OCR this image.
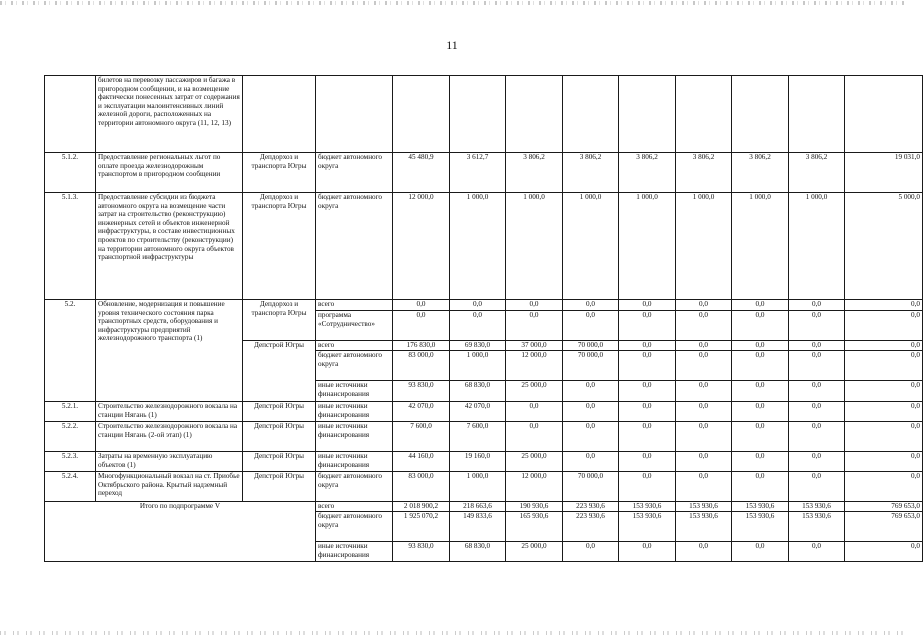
11
	билетов на перевозку пассажиров и багажа в пригородном сообщении, и на возмещение фактически понесенных затрат от содержания и эксплуатации малоинтенсивных линий железной дороги, расположенных на территории автономного округа (11, 12, 13)											
5.1.2.	Предоставление региональных льгот по оплате проезда железнодорожным транспортом в пригородном сообщении	Депдорхоз и транспорта Югры	бюджет автономного округа	45 480,9	3 612,7	3 806,2	3 806,2	3 806,2	3 806,2	3 806,2	3 806,2	19 031,0
5.1.3.	Предоставление субсидии из бюджета автономного округа на возмещение части затрат на строительство (реконструкцию) инженерных сетей и объектов инженерной инфраструктуры, в составе инвестиционных проектов по строительству (реконструкции) на территории автономного округа объектов транспортной инфраструктуры	Депдорхоз и транспорта Югры	бюджет автономного округа	12 000,0	1 000,0	1 000,0	1 000,0	1 000,0	1 000,0	1 000,0	1 000,0	5 000,0
5.2.	Обновление, модернизация и повышение уровня технического состояния парка транспортных средств, оборудования и инфраструктуры предприятий железнодорожного транспорта (1)	Депдорхоз и транспорта Югры	всего	0,0	0,0	0,0	0,0	0,0	0,0	0,0	0,0	0,0
			программа «Сотрудничество»	0,0	0,0	0,0	0,0	0,0	0,0	0,0	0,0	0,0
		Депстрой Югры	всего	176 830,0	69 830,0	37 000,0	70 000,0	0,0	0,0	0,0	0,0	0,0
			бюджет автономного округа	83 000,0	1 000,0	12 000,0	70 000,0	0,0	0,0	0,0	0,0	0,0
			иные источники финансирования	93 830,0	68 830,0	25 000,0	0,0	0,0	0,0	0,0	0,0	0,0
5.2.1.	Строительство железнодорожного вокзала на станции Нягань (1)	Депстрой Югры	иные источники финансирования	42 070,0	42 070,0	0,0	0,0	0,0	0,0	0,0	0,0	0,0
5.2.2.	Строительство железнодорожного вокзала на станции Нягань (2-ой этап) (1)	Депстрой Югры	иные источники финансирования	7 600,0	7 600,0	0,0	0,0	0,0	0,0	0,0	0,0	0,0
5.2.3.	Затраты на временную эксплуатацию объектов (1)	Депстрой Югры	иные источники финансирования	44 160,0	19 160,0	25 000,0	0,0	0,0	0,0	0,0	0,0	0,0
5.2.4.	Многофункциональный вокзал на ст. Приобье Октябрьского района. Крытый надземный переход	Депстрой Югры	бюджет автономного округа	83 000,0	1 000,0	12 000,0	70 000,0	0,0	0,0	0,0	0,0	0,0
Итого по подпрограмме V			всего	2 018 900,2	218 663,6	190 930,6	223 930,6	153 930,6	153 930,6	153 930,6	153 930,6	769 653,0
			бюджет автономного округа	1 925 070,2	149 833,6	165 930,6	223 930,6	153 930,6	153 930,6	153 930,6	153 930,6	769 653,0
			иные источники финансирования	93 830,0	68 830,0	25 000,0	0,0	0,0	0,0	0,0	0,0	0,0
